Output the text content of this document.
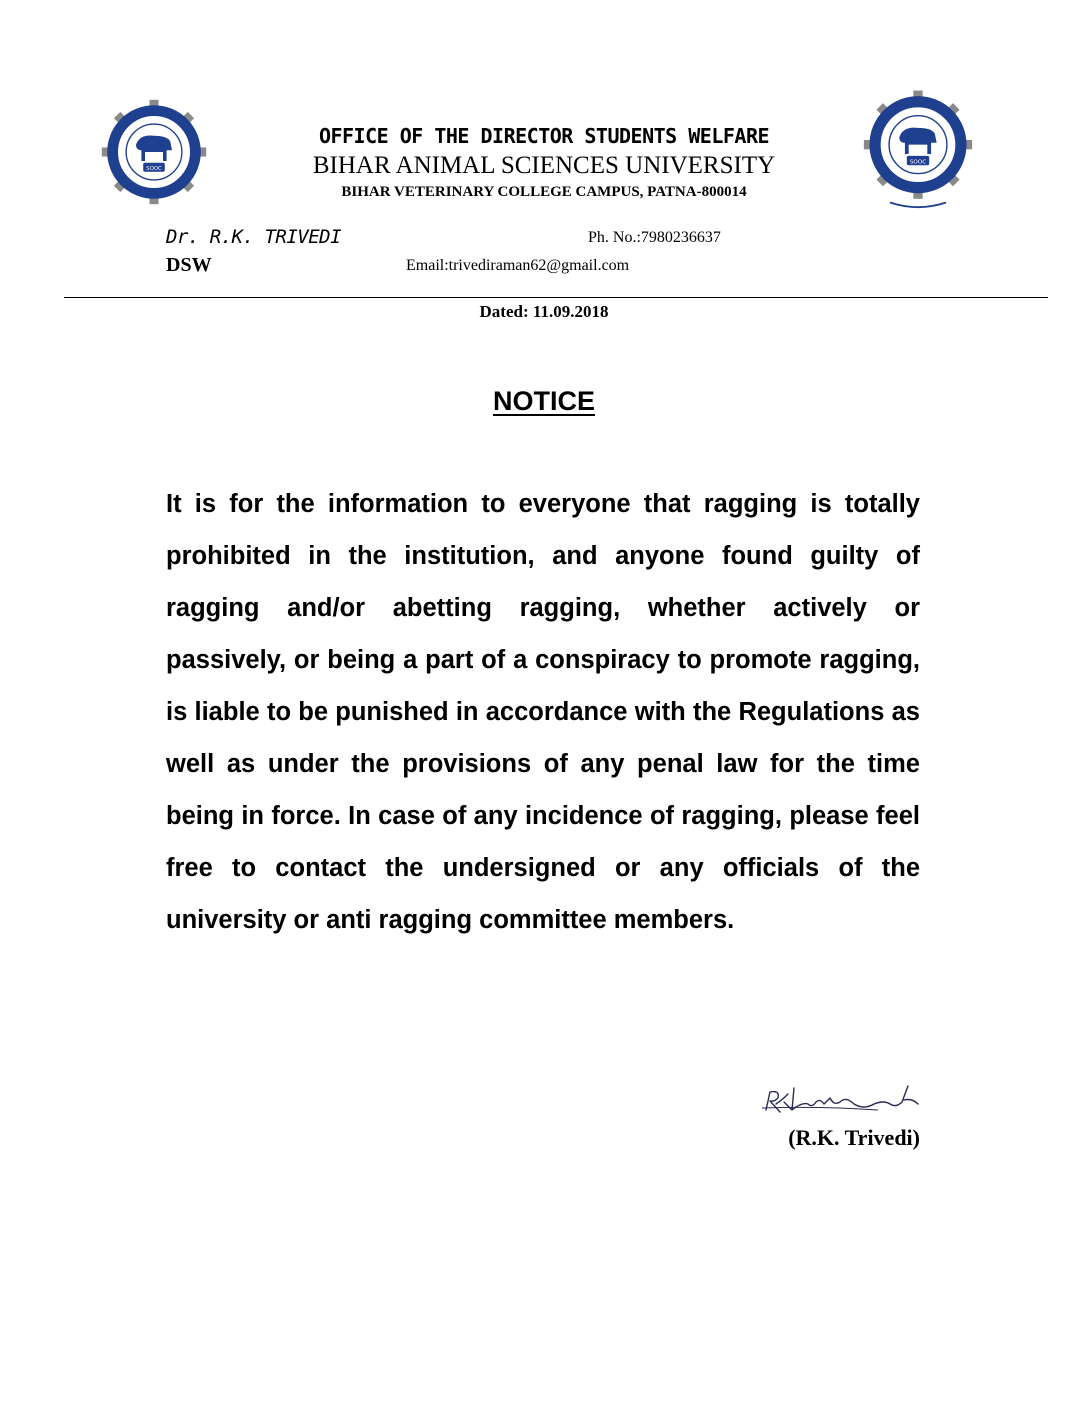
SOOC
SOOC
OFFICE OF THE DIRECTOR STUDENTS WELFARE
BIHAR ANIMAL SCIENCES UNIVERSITY
BIHAR VETERINARY COLLEGE CAMPUS, PATNA-800014
Dr. R.K. TRIVEDI	Ph. No.:7980236637
DSW	Email:trivediraman62@gmail.com
Dated: 11.09.2018
NOTICE

It is for the information to everyone that ragging is totally prohibited in the institution, and anyone found guilty of ragging and/or abetting ragging, whether actively or passively, or being a part of a conspiracy to promote ragging, is liable to be punished in accordance with the Regulations as well as under the provisions of any penal law for the time being in force. In case of any incidence of ragging, please feel free to contact the undersigned or any officials of the university or anti ragging committee members.

(R.K. Trivedi)
